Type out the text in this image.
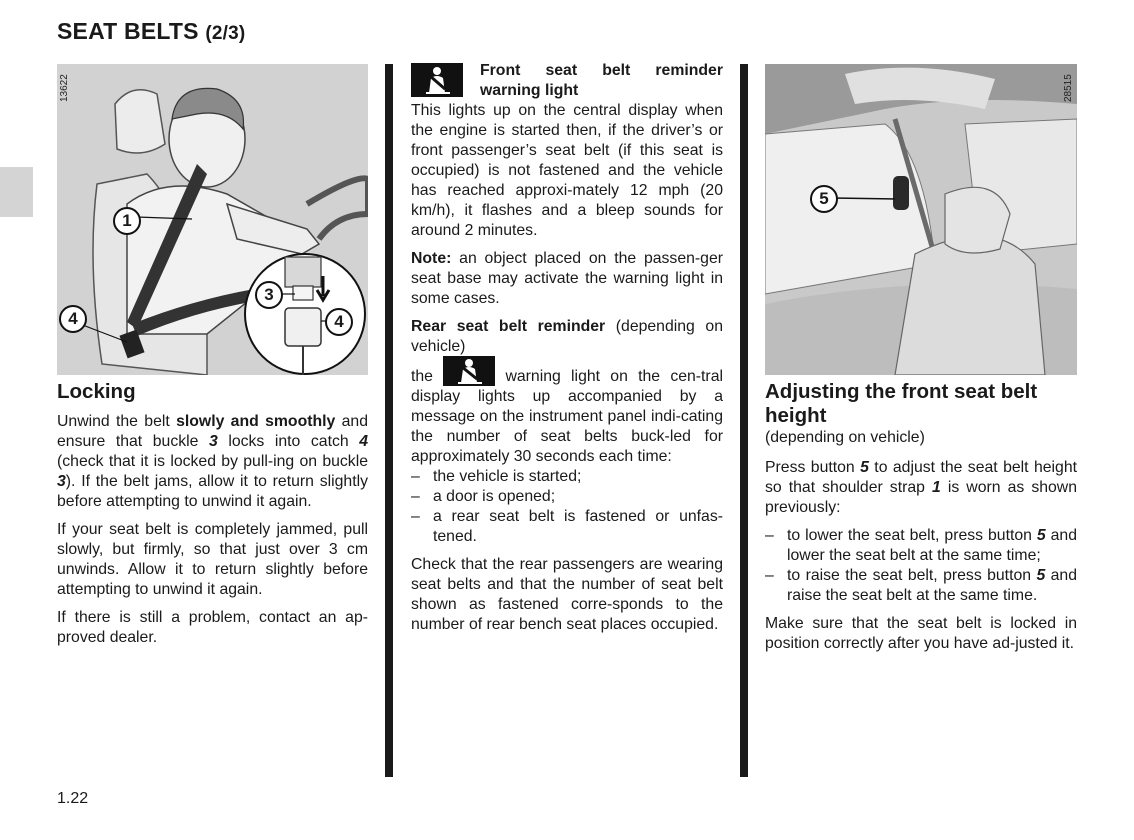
SEAT BELTS (2/3)
1
3
4	4
13622
Locking

Unwind the belt slowly and smoothly and ensure that buckle 3 locks into catch 4 (check that it is locked by pull-ing on buckle 3). If the belt jams, allow it to return slightly before attempting to unwind it again.

If your seat belt is completely jammed, pull slowly, but firmly, so that just over 3 cm unwinds. Allow it to return slightly before attempting to unwind it again.

If there is still a problem, contact an ap-proved dealer.

Front seat belt reminder warning light

This lights up on the central display when the engine is started then, if the driver’s or front passenger’s seat belt (if this seat is occupied) is not fastened and the vehicle has reached approxi-mately 12 mph (20 km/h), it flashes and a bleep sounds for around 2 minutes.

Note: an object placed on the passen-ger seat base may activate the warning light in some cases.

Rear seat belt reminder (depending on vehicle)

the	warning light on the cen-tral display lights up accompanied by a message on the instrument panel indi-cating the number of seat belts buck-led for approximately 30 seconds each time:

– the vehicle is started;
– a door is opened;
– a rear seat belt is fastened or unfas-tened.

Check that the rear passengers are wearing seat belts and that the number of seat belt shown as fastened corre-sponds to the number of rear bench seat places occupied.

5
28515
Adjusting the front seat belt height

(depending on vehicle)

Press button 5 to adjust the seat belt height so that shoulder strap 1 is worn as shown previously:

– to lower the seat belt, press button 5 and lower the seat belt at the same time;
– to raise the seat belt, press button 5 and raise the seat belt at the same time.

Make sure that the seat belt is locked in position correctly after you have ad-justed it.

1.22
